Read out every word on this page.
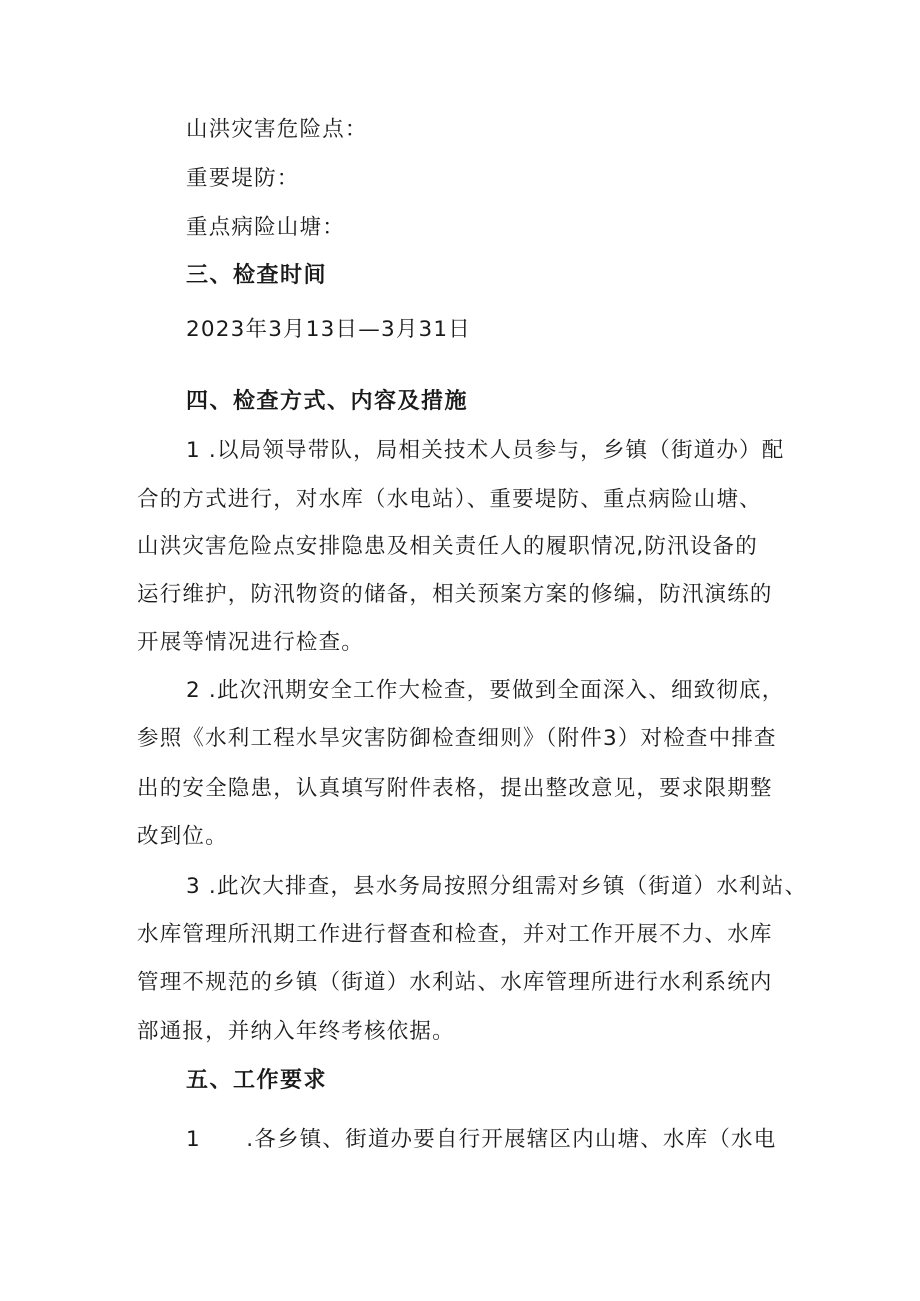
山洪灾害危险点：
重要堤防：
重点病险山塘：
三、检查时间
2023年3月13日—3月31日
四、检查方式、内容及措施
1 .以局领导带队，局相关技术人员参与，乡镇（街道办）配
合的方式进行，对水库（水电站）、重要堤防、重点病险山塘、
山洪灾害危险点安排隐患及相关责任人的履职情况,防汛设备的
运行维护，防汛物资的储备，相关预案方案的修编，防汛演练的
开展等情况进行检查。
2 .此次汛期安全工作大检查，要做到全面深入、细致彻底，
参照《水利工程水旱灾害防御检查细则》（附件3）对检查中排查
出的安全隐患，认真填写附件表格，提出整改意见，要求限期整
改到位。
3 .此次大排查，县水务局按照分组需对乡镇（街道）水利站、
水库管理所汛期工作进行督查和检查，并对工作开展不力、水库
管理不规范的乡镇（街道）水利站、水库管理所进行水利系统内
部通报，并纳入年终考核依据。
五、工作要求
1　　.各乡镇、街道办要自行开展辖区内山塘、水库（水电
